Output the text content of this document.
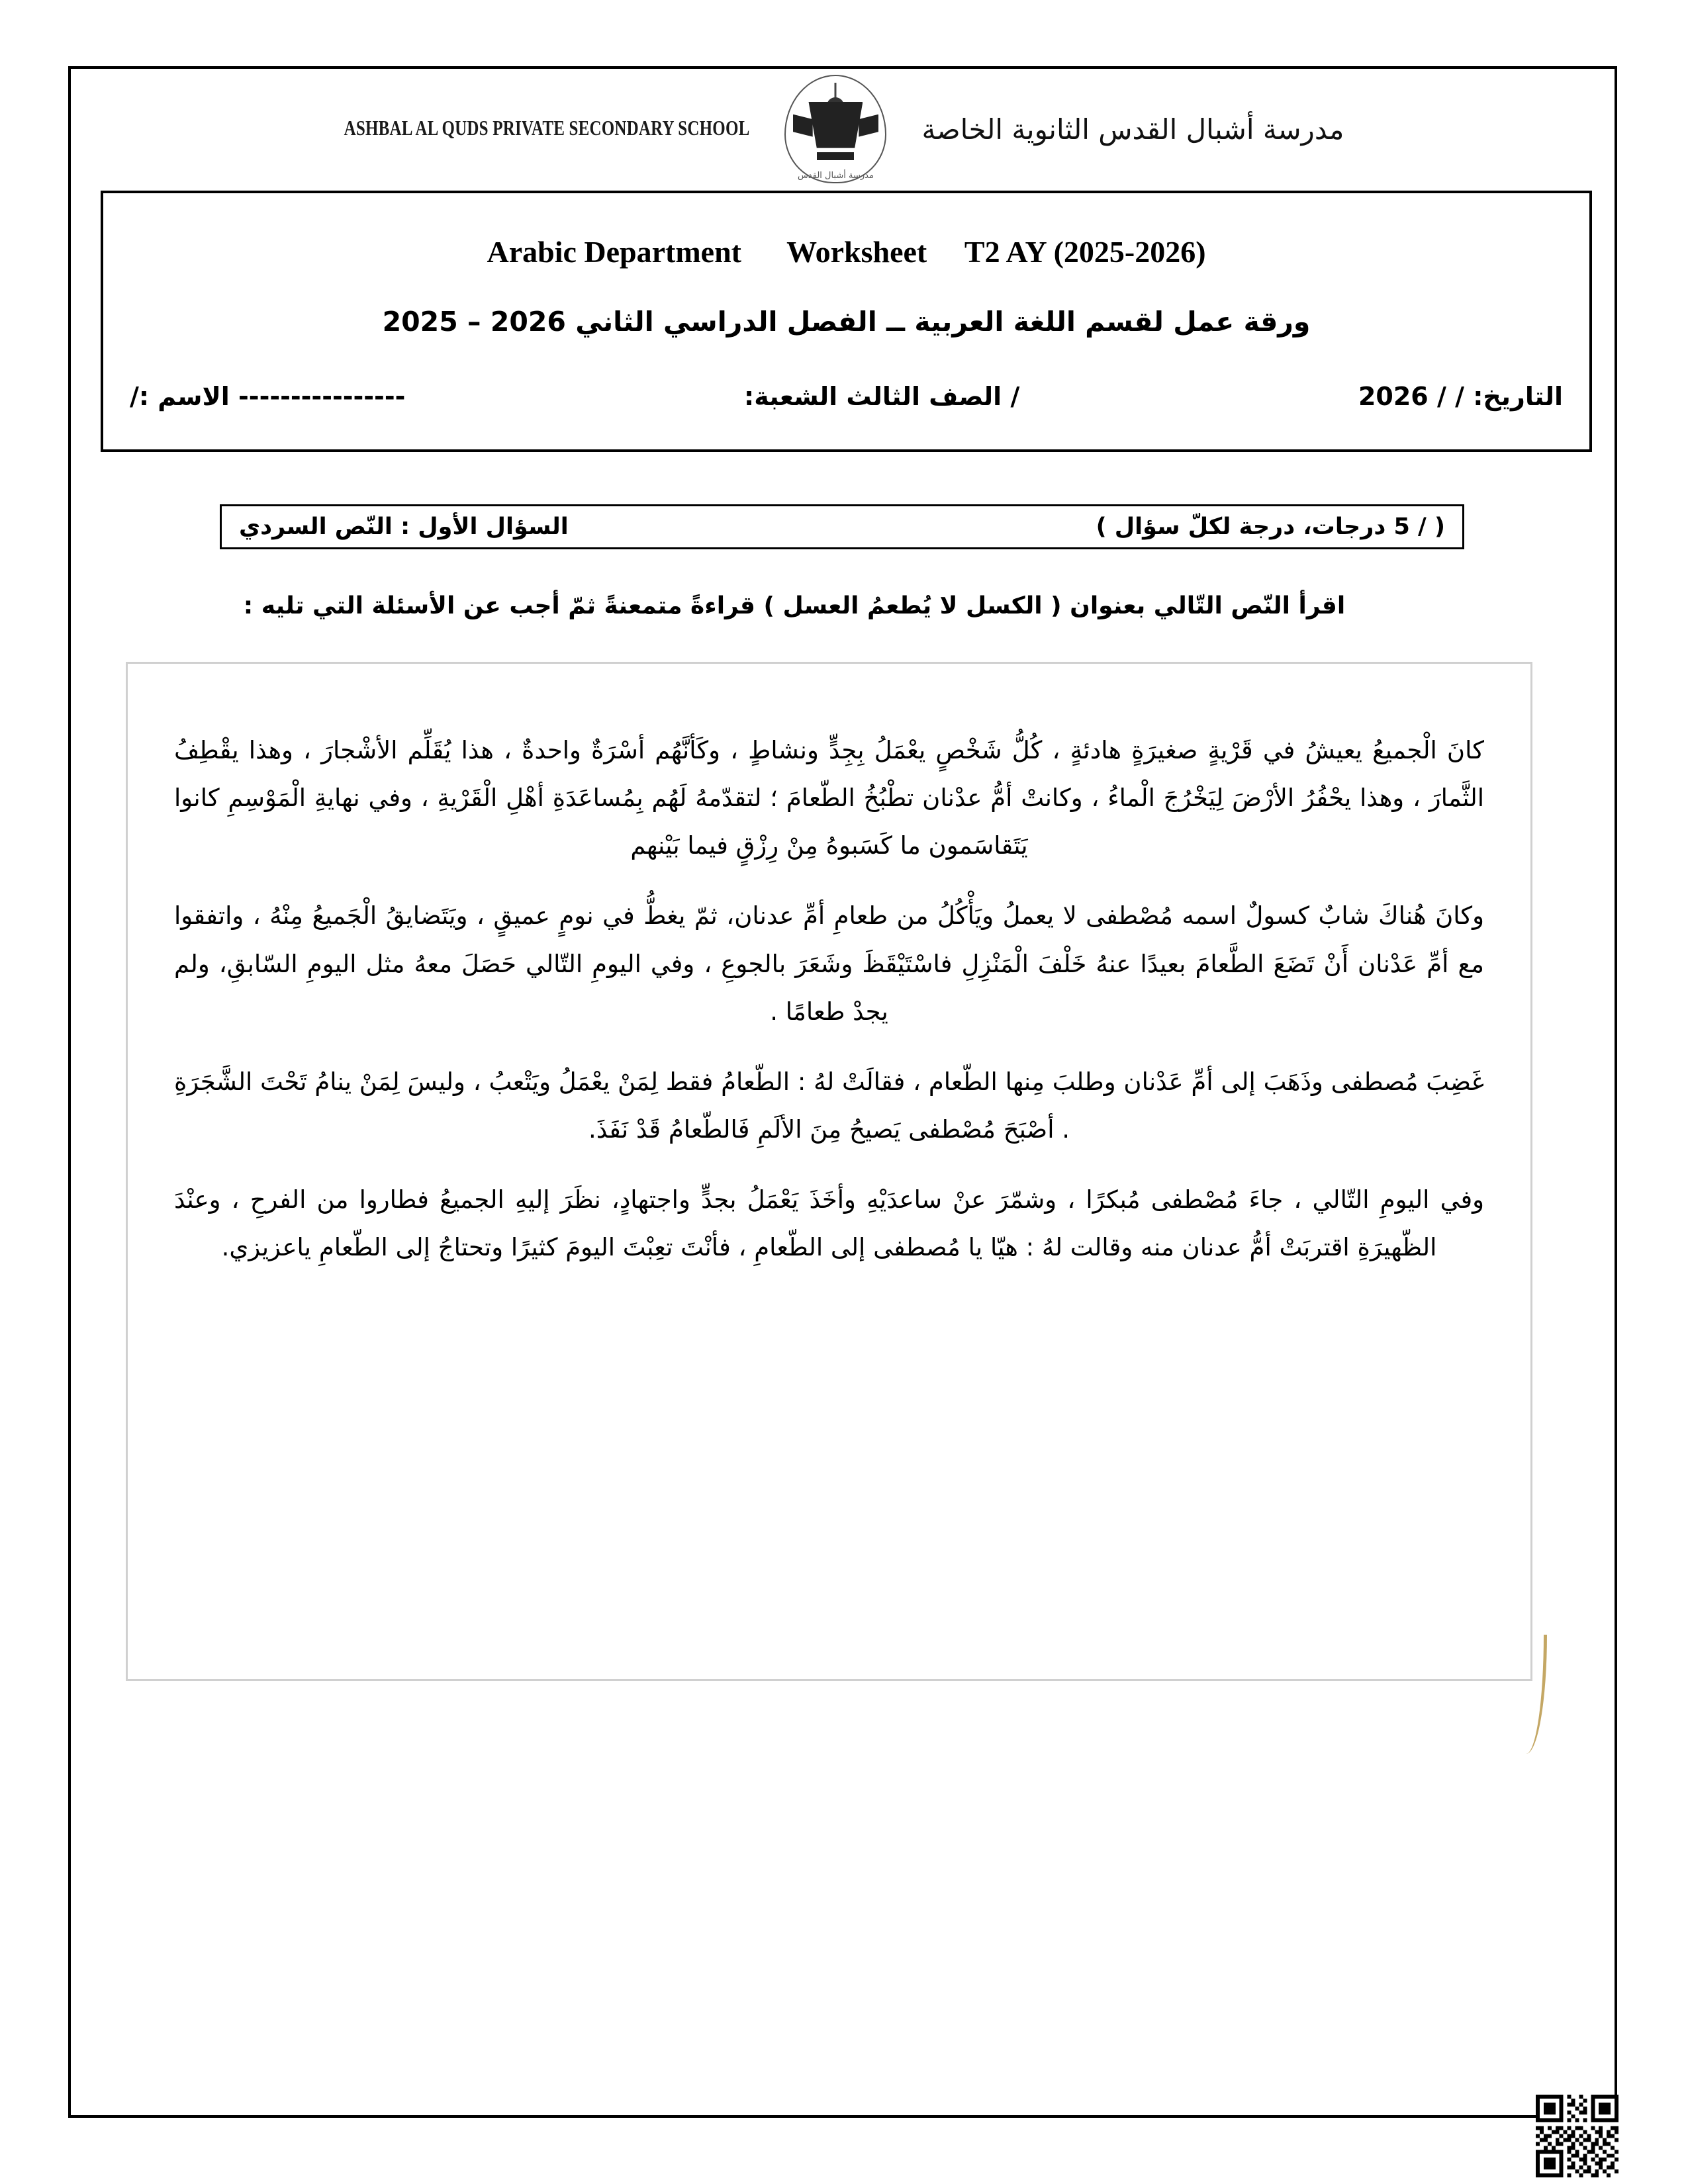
مدرسة أشبال القدس الثانوية الخاصة
مدرسة أشبال القدس
ASHBAL AL QUDS PRIVATE SECONDARY SCHOOL
Arabic Department      Worksheet     T2 AY (2025-2026)
ورقة عمل لقسم اللغة العربية ــ الفصل الدراسي الثاني 2026 – 2025
التاريخ: / / 2026
/ الصف الثالث الشعبة:
---------------- الاسم :/
( / 5 درجات، درجة لكلّ سؤال )
السؤال الأول : النّص السردي
اقرأ النّص التّالي بعنوان ( الكسل لا يُطعمُ العسل ) قراءةً متمعنةً ثمّ أجب عن الأسئلة التي تليه :

كانَ الْجميعُ يعيشُ في قَرْيةٍ صغيرَةٍ هادئةٍ ، كُلُّ شَخْصٍ يعْمَلُ بِجِدٍّ ونشاطٍ ، وكَأنَّهُم أسْرَةٌ واحدةٌ ، هذا يُقَلِّم الأشْجارَ ، وهذا يقْطِفُ الثَّمارَ ، وهذا يحْفُرُ الأرْضَ لِيَخْرُجَ الْماءُ ، وكانتْ أمُّ عدْنان تطْبُخُ الطّعامَ ؛ لتقدّمهُ لَهُم بِمُساعَدَةِ أهْلِ الْقَرْيةِ ، وفي نهايةِ الْمَوْسِمِ كانوا يَتَقاسَمون ما كَسَبوهُ مِنْ رِزْقٍ فيما بَيْنهم

وكانَ هُناكَ شابٌ كسولٌ اسمه مُصْطفى لا يعملُ ويَأْكُلُ من طعامِ أمِّ عدنان، ثمّ يغطُّ في نومٍ عميقٍ ، ويَتَضايقُ الْجَميعُ مِنْهُ ، واتفقوا مع أمِّ عَدْنان أَنْ تَضَعَ الطَّعامَ بعيدًا عنهُ خَلْفَ الْمَنْزِلِ فاسْتَيْقَظَ وشَعَرَ بالجوعِ ، وفي اليومِ التّالي حَصَلَ معهُ مثل اليومِ السّابقِ، ولم يجدْ طعامًا .

غَضِبَ مُصطفى وذَهَبَ إلى أمِّ عَدْنان وطلبَ مِنها الطّعام ، فقالَتْ لهُ : الطّعامُ فقط لِمَنْ يعْمَلُ ويَتْعبُ ، وليسَ لِمَنْ ينامُ تَحْتَ الشَّجَرَةِ . أصْبَحَ مُصْطفى يَصيحُ مِنَ الألَمِ فَالطّعامُ قَدْ نَفَذَ.

وفي اليومِ التّالي ، جاءَ مُصْطفى مُبكرًا ، وشمّرَ عنْ ساعدَيْهِ وأخَذَ يَعْمَلُ بجدٍّ واجتهادٍ، نظَرَ إليهِ الجميعُ فطاروا من الفرحِ ، وعنْدَ الظّهيرَةِ اقتربَتْ أمُّ عدنان منه وقالت لهُ : هيّا يا مُصطفى إلى الطّعامِ ، فأنْتَ تعِبْتَ اليومَ كثيرًا وتحتاجُ إلى الطّعامِ ياعزيزي.
